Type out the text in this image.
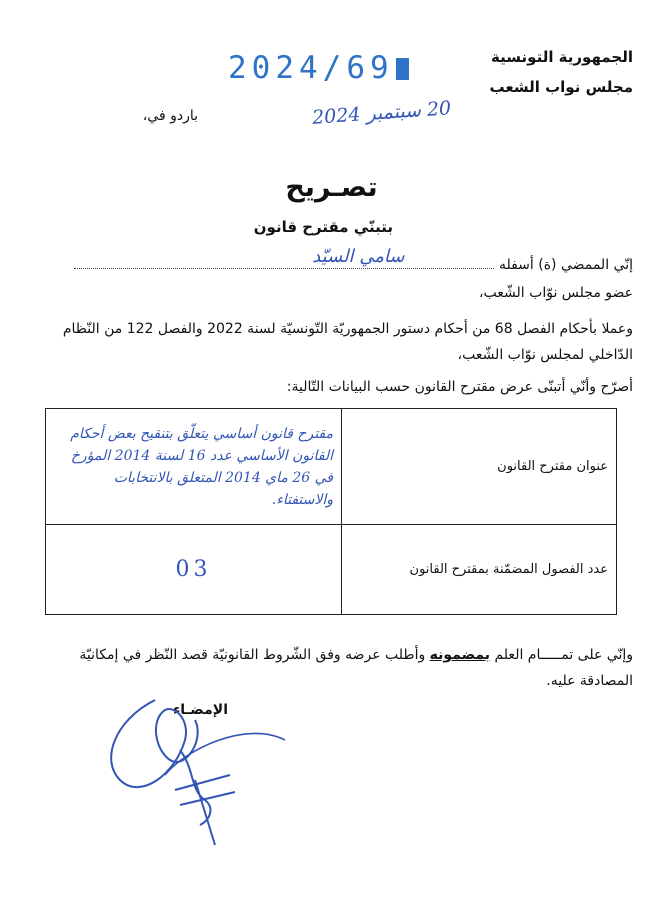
الجمهورية التونسية
مجلس نواب الشعب
2024/69
باردو في،	20 سبتمبر 2024
تصـريح
بتبنّي مقترح قانون
إنّي الممضي (ة) أسفله
سامي السيّد
عضو مجلس نوّاب الشّعب،
وعملا بأحكام الفصل 68 من أحكام دستور الجمهوريّة التّونسيّة لسنة 2022 والفصل 122 من النّظام الدّاخلي لمجلس نوّاب الشّعب،
أصرّح وأنّي أتبنّى عرض مقترح القانون حسب البيانات التّالية:
عنوان مقترح القانون	مقترح قانون أساسي يتعلّق بتنقيح بعض أحكام القانون الأساسي عدد 16 لسنة 2014 المؤرخ في 26 ماي 2014 المتعلق بالانتخابات والاستفتاء.
عدد الفصول المضمّنة بمقترح القانون	03
وإنّي على تمـــــام العلم بمضمونه وأطلب عرضه وفق الشّروط القانونيّة قصد النّظر في إمكانيّة المصادقة عليه.
الإمضـاء
